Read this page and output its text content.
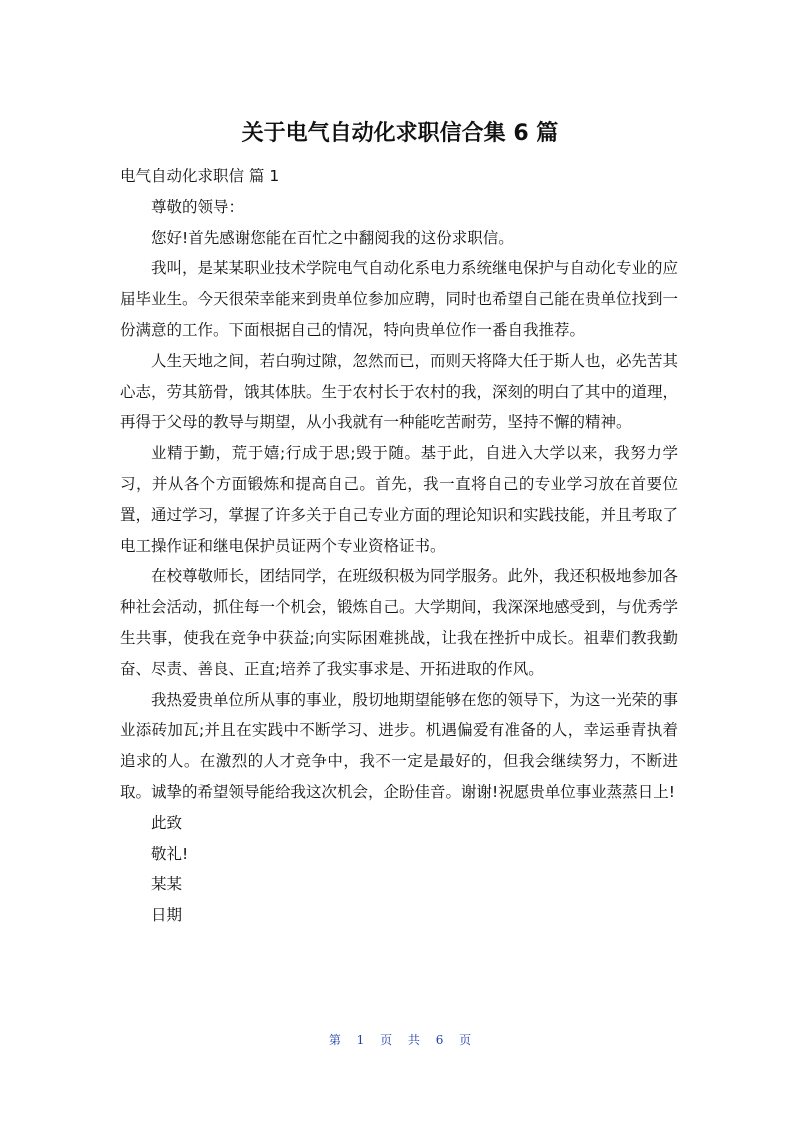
关于电气自动化求职信合集 6 篇

电气自动化求职信 篇 1

尊敬的领导：

您好!首先感谢您能在百忙之中翻阅我的这份求职信。

我叫，是某某职业技术学院电气自动化系电力系统继电保护与自动化专业的应届毕业生。今天很荣幸能来到贵单位参加应聘，同时也希望自己能在贵单位找到一份满意的工作。下面根据自己的情况，特向贵单位作一番自我推荐。

人生天地之间，若白驹过隙，忽然而已，而则天将降大任于斯人也，必先苦其心志，劳其筋骨，饿其体肤。生于农村长于农村的我，深刻的明白了其中的道理，再得于父母的教导与期望，从小我就有一种能吃苦耐劳，坚持不懈的精神。

业精于勤，荒于嬉;行成于思;毁于随。基于此，自进入大学以来，我努力学习，并从各个方面锻炼和提高自己。首先，我一直将自己的专业学习放在首要位置，通过学习，掌握了许多关于自己专业方面的理论知识和实践技能，并且考取了电工操作证和继电保护员证两个专业资格证书。

在校尊敬师长，团结同学，在班级积极为同学服务。此外，我还积极地参加各种社会活动，抓住每一个机会，锻炼自己。大学期间，我深深地感受到，与优秀学生共事，使我在竞争中获益;向实际困难挑战，让我在挫折中成长。祖辈们教我勤奋、尽责、善良、正直;培养了我实事求是、开拓进取的作风。

我热爱贵单位所从事的事业，殷切地期望能够在您的领导下，为这一光荣的事业添砖加瓦;并且在实践中不断学习、进步。机遇偏爱有准备的人，幸运垂青执着追求的人。在激烈的人才竞争中，我不一定是最好的，但我会继续努力，不断进取。诚挚的希望领导能给我这次机会，企盼佳音。谢谢!祝愿贵单位事业蒸蒸日上!

此致

敬礼!

某某

日期

第 1 页 共 6 页
